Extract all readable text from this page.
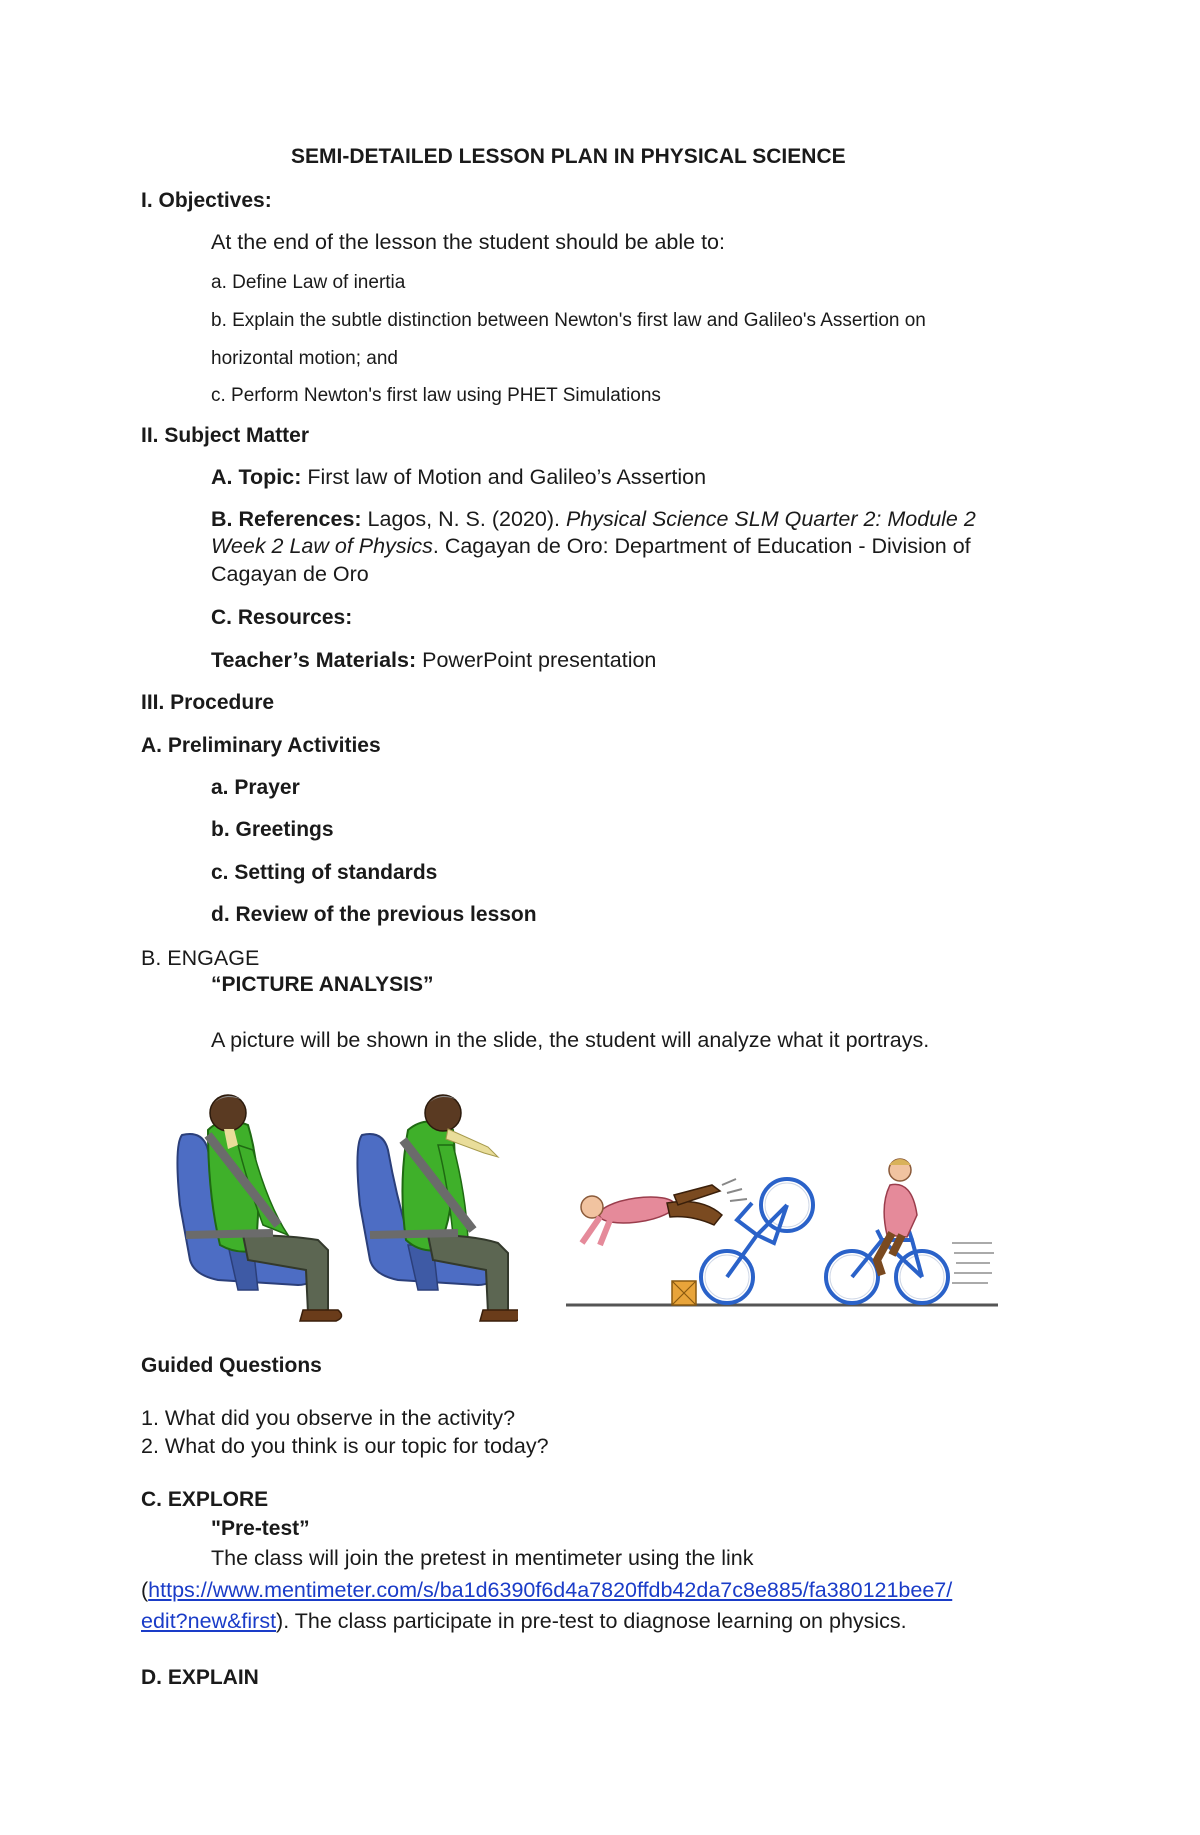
SEMI-DETAILED LESSON PLAN IN PHYSICAL SCIENCE
I. Objectives:
At the end of the lesson the student should be able to:
a. Define Law of inertia
b. Explain the subtle distinction between Newton's first law and Galileo's Assertion on
horizontal motion; and
c. Perform Newton's first law using PHET Simulations
II. Subject Matter
A. Topic: First law of Motion and Galileo’s Assertion
B. References: Lagos, N. S. (2020). Physical Science SLM Quarter 2: Module 2
Week 2 Law of Physics. Cagayan de Oro: Department of Education - Division of
Cagayan de Oro
C. Resources:
Teacher’s Materials: PowerPoint presentation
III. Procedure
A. Preliminary Activities
a. Prayer
b. Greetings
c. Setting of standards
d. Review of the previous lesson
B. ENGAGE
“PICTURE ANALYSIS”
A picture will be shown in the slide, the student will analyze what it portrays.
Guided Questions
1. What did you observe in the activity?
2. What do you think is our topic for today?
C. EXPLORE
"Pre-test”
The class will join the pretest in mentimeter using the link
(https://www.mentimeter.com/s/ba1d6390f6d4a7820ffdb42da7c8e885/fa380121bee7/
edit?new&first). The class participate in pre-test to diagnose learning on physics.
D. EXPLAIN
